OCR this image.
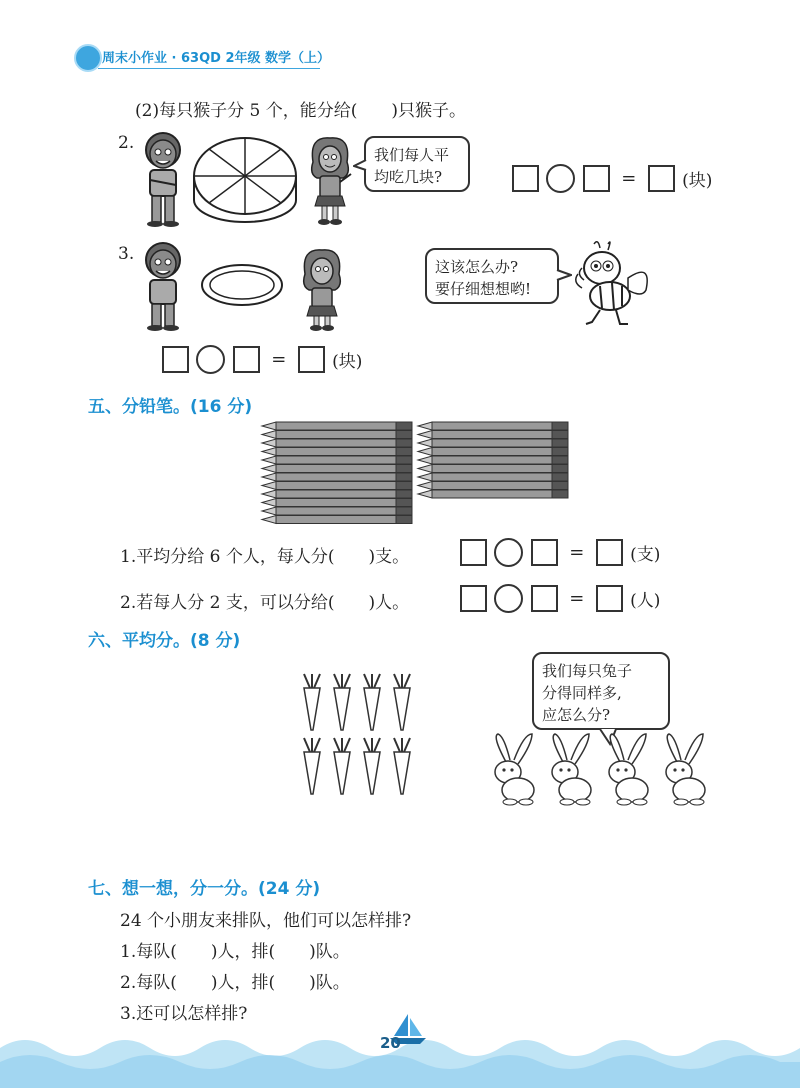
周末小作业 · 63QD 2年级 数学（上）
(2)每只猴子分 5 个，能分给(　　)只猴子。
2.
我们每人平
均吃几块?	=	(块)
3.
这该怎么办?
要仔细想想哟!
=	(块)
五、分铅笔。(16 分)
1.平均分给 6 个人，每人分(　　)支。	=	(支)
2.若每人分 2 支，可以分给(　　)人。	=	(人)
六、平均分。(8 分)
我们每只兔子
分得同样多,
应怎么分?
七、想一想，分一分。(24 分)
24 个小朋友来排队，他们可以怎样排?
1.每队(　　)人，排(　　)队。
2.每队(　　)人，排(　　)队。
3.还可以怎样排?
20
